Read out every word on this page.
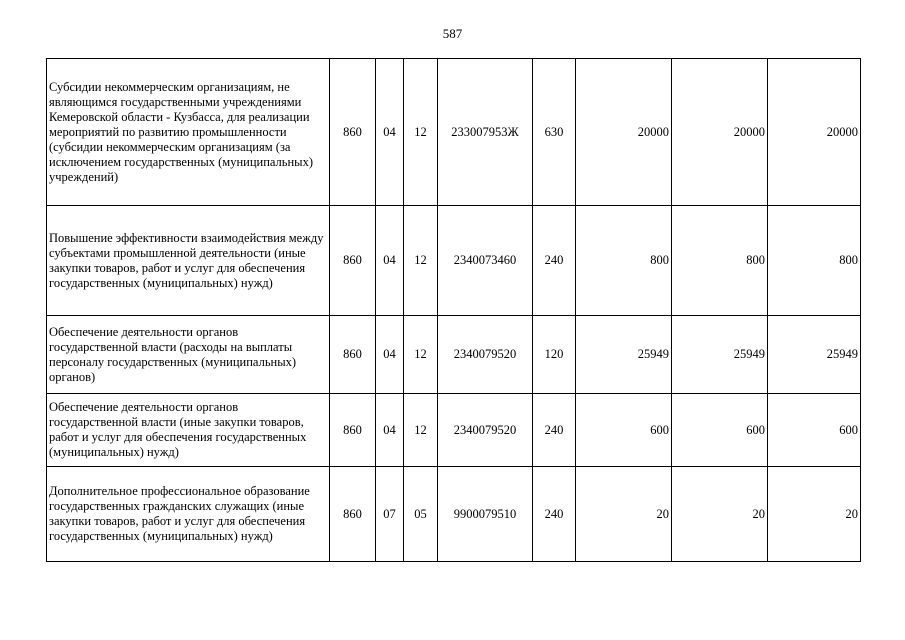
587
Субсидии некоммерческим организациям, не являющимся государственными учреждениями Кемеровской области - Кузбасса, для реализации мероприятий по развитию промышленности (субсидии некоммерческим организациям (за исключением государственных (муниципальных) учреждений)	860	04	12	233007953Ж	630	20000	20000	20000
Повышение эффективности взаимодействия между субъектами промышленной деятельности (иные закупки товаров, работ и услуг для обеспечения государственных (муниципальных) нужд)	860	04	12	2340073460	240	800	800	800
Обеспечение деятельности органов государственной власти (расходы на выплаты персоналу государственных (муниципальных) органов)	860	04	12	2340079520	120	25949	25949	25949
Обеспечение деятельности органов государственной власти (иные закупки товаров, работ и услуг для обеспечения государственных (муниципальных) нужд)	860	04	12	2340079520	240	600	600	600
Дополнительное профессиональное образование государственных гражданских служащих (иные закупки товаров, работ и услуг для обеспечения государственных (муниципальных) нужд)	860	07	05	9900079510	240	20	20	20
